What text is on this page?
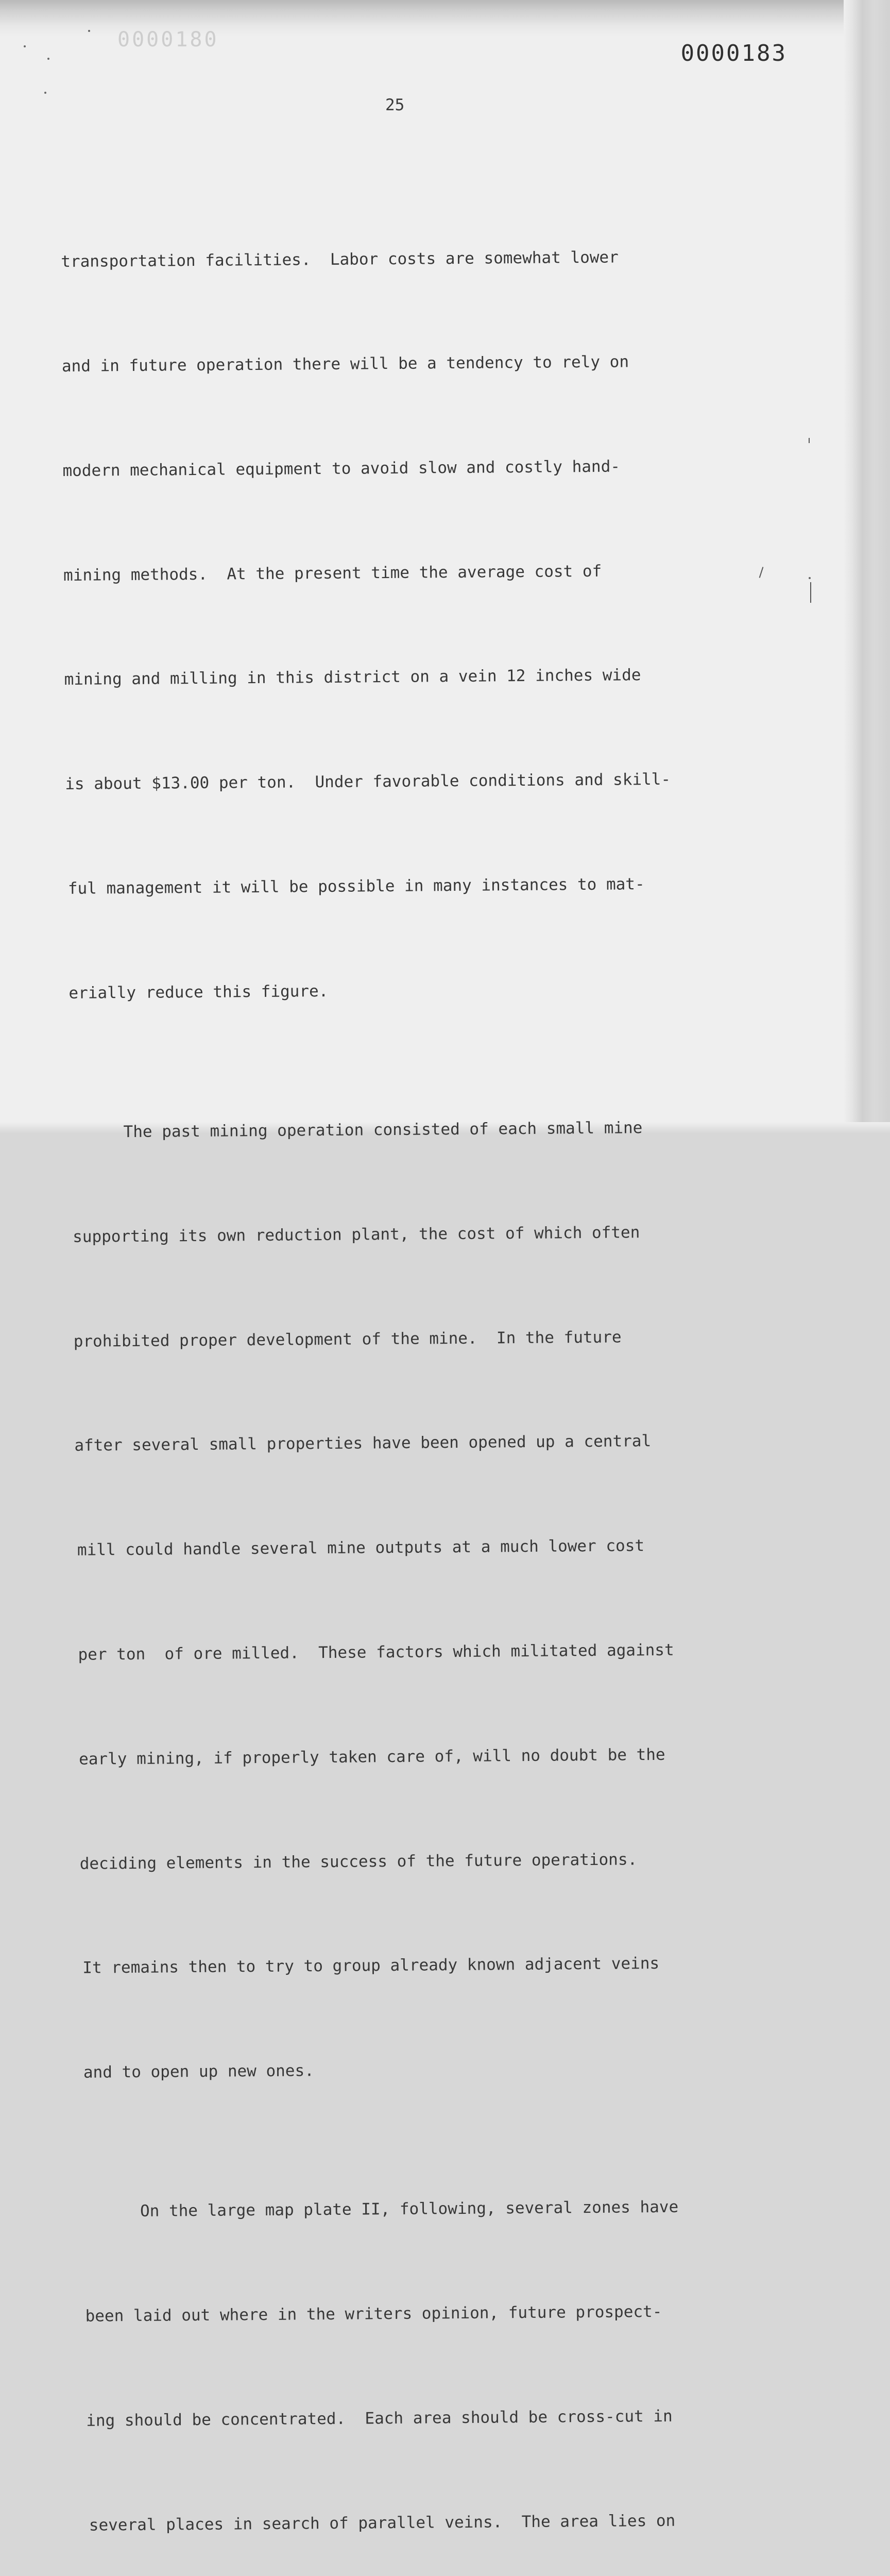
0000180
0000183
25

transportation facilities.  Labor costs are somewhat lower

and in future operation there will be a tendency to rely on

modern mechanical equipment to avoid slow and costly hand-

mining methods.  At the present time the average cost of

mining and milling in this district on a vein 12 inches wide

is about $13.00 per ton.  Under favorable conditions and skill-

ful management it will be possible in many instances to mat-

erially reduce this figure.

The past mining operation consisted of each small mine

supporting its own reduction plant, the cost of which often

prohibited proper development of the mine.  In the future

after several small properties have been opened up a central

mill could handle several mine outputs at a much lower cost

per ton  of ore milled.  These factors which militated against

early mining, if properly taken care of, will no doubt be the

deciding elements in the success of the future operations.

It remains then to try to group already known adjacent veins

and to open up new ones.

On the large map plate II, following, several zones have

been laid out where in the writers opinion, future prospect-

ing should be concentrated.  Each area should be cross-cut in

several places in search of parallel veins.  The area lies on
